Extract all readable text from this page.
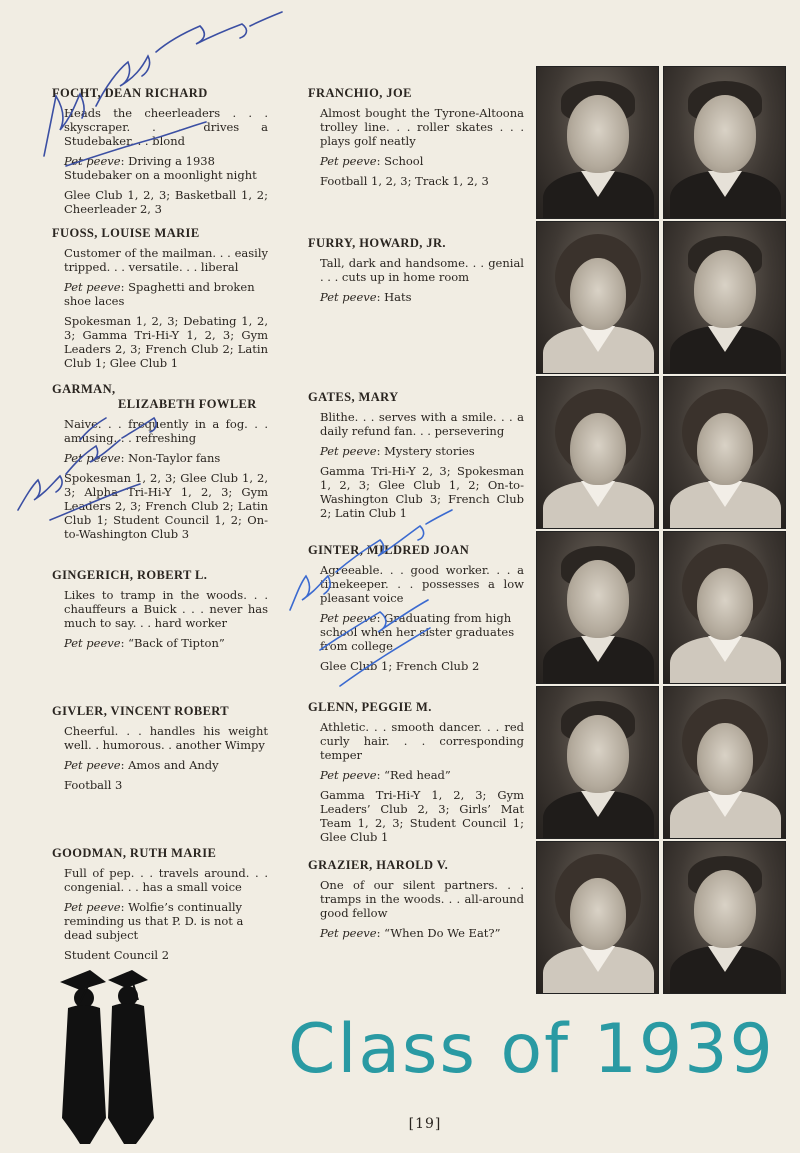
FOCHT, DEAN RICHARD
Heads the cheerleaders . . . skyscraper. . . drives a Studebaker. . . blond
Pet peeve: Driving a 1938 Studebaker on a moonlight night
Glee Club 1, 2, 3; Basketball 1, 2; Cheerleader 2, 3
FUOSS, LOUISE MARIE
Customer of the mailman. . . easily tripped. . . versatile. . . liberal
Pet peeve: Spaghetti and broken shoe laces
Spokesman 1, 2, 3; Debating 1, 2, 3; Gamma Tri-Hi-Y 1, 2, 3; Gym Leaders 2, 3; French Club 2; Latin Club 1; Glee Club 1
GARMAN,
ELIZABETH FOWLER
Naive. . . frequently in a fog. . . amusing. . . refreshing
Pet peeve: Non-Taylor fans
Spokesman 1, 2, 3; Glee Club 1, 2, 3; Alpha Tri-Hi-Y 1, 2, 3; Gym Leaders 2, 3; French Club 2; Latin Club 1; Student Council 1, 2; On-to-Washington Club 3
GINGERICH, ROBERT L.
Likes to tramp in the woods. . . chauffeurs a Buick . . . never has much to say. . . hard worker
Pet peeve: “Back of Tipton”
GIVLER, VINCENT ROBERT
Cheerful. . . handles his weight well. . humorous. . another Wimpy
Pet peeve: Amos and Andy
Football 3
GOODMAN, RUTH MARIE
Full of pep. . . travels around. . . congenial. . . has a small voice
Pet peeve: Wolfie’s continually reminding us that P. D. is not a dead subject
Student Council 2
FRANCHIO, JOE
Almost bought the Tyrone-Altoona trolley line. . . roller skates . . . plays golf neatly
Pet peeve: School
Football 1, 2, 3; Track 1, 2, 3
FURRY, HOWARD, JR.
Tall, dark and handsome. . . genial . . . cuts up in home room
Pet peeve: Hats
GATES, MARY
Blithe. . . serves with a smile. . . a daily refund fan. . . persevering
Pet peeve: Mystery stories
Gamma Tri-Hi-Y 2, 3; Spokesman 1, 2, 3; Glee Club 1, 2; On-to-Washington Club 3; French Club 2; Latin Club 1
GINTER, MILDRED JOAN
Agreeable. . . good worker. . . a timekeeper. . . possesses a low pleasant voice
Pet peeve: Graduating from high school when her sister graduates from college
Glee Club 1; French Club 2
GLENN, PEGGIE M.
Athletic. . . smooth dancer. . . red curly hair. . . corresponding temper
Pet peeve: “Red head”
Gamma Tri-Hi-Y 1, 2, 3; Gym Leaders’ Club 2, 3; Girls’ Mat Team 1, 2, 3; Student Council 1; Glee Club 1
GRAZIER, HAROLD V.
One of our silent partners. . . tramps in the woods. . . all-around good fellow
Pet peeve: “When Do We Eat?”
Class of 1939
[19]
